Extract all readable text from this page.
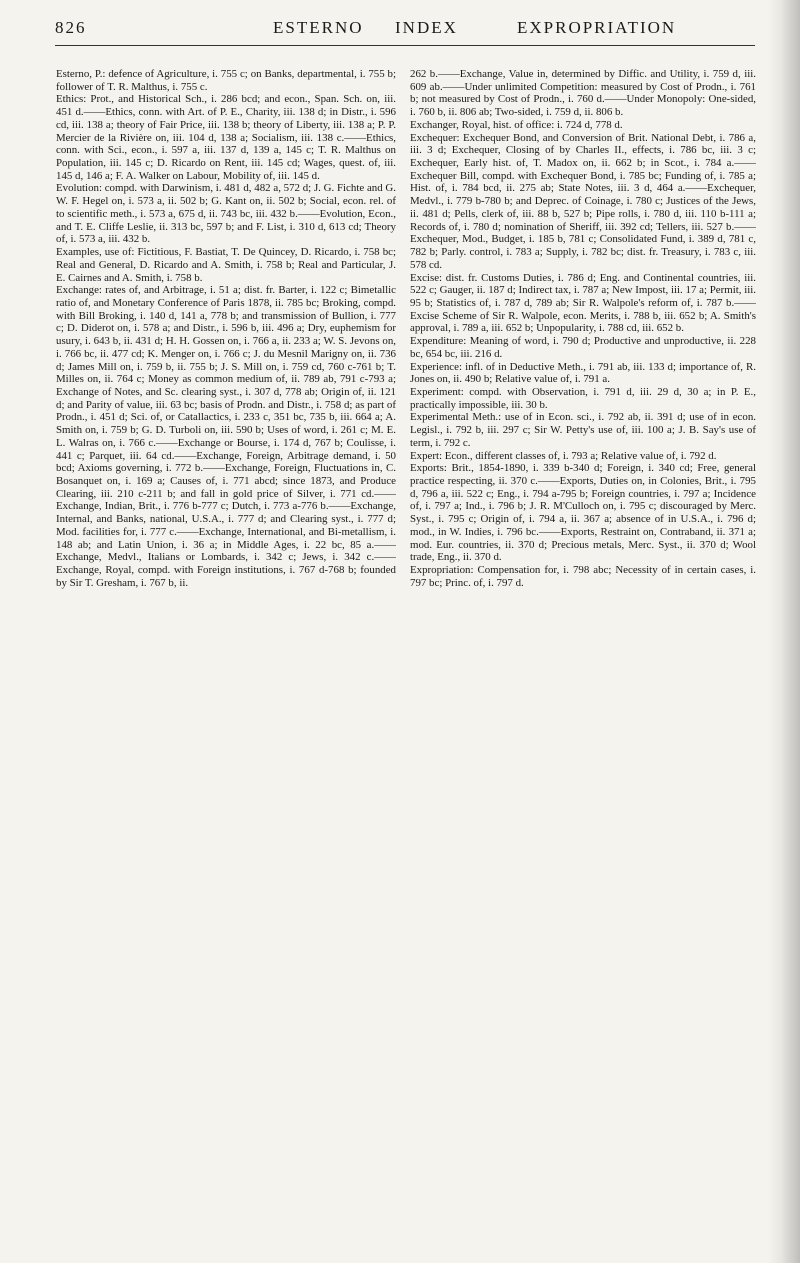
826	ESTERNO INDEX	EXPROPRIATION

Esterno, P.: defence of Agriculture, i. 755 c; on Banks, departmental, i. 755 b; follower of T. R. Malthus, i. 755 c.

Ethics: Prot., and Historical Sch., i. 286 bcd; and econ., Span. Sch. on, iii. 451 d.——Ethics, conn. with Art. of P. E., Charity, iii. 138 d; in Distr., i. 596 cd, iii. 138 a; theory of Fair Price, iii. 138 b; theory of Liberty, iii. 138 a; P. P. Mercier de la Rivière on, iii. 104 d, 138 a; Socialism, iii. 138 c.——Ethics, conn. with Sci., econ., i. 597 a, iii. 137 d, 139 a, 145 c; T. R. Malthus on Population, iii. 145 c; D. Ricardo on Rent, iii. 145 cd; Wages, quest. of, iii. 145 d, 146 a; F. A. Walker on Labour, Mobility of, iii. 145 d.

Evolution: compd. with Darwinism, i. 481 d, 482 a, 572 d; J. G. Fichte and G. W. F. Hegel on, i. 573 a, ii. 502 b; G. Kant on, ii. 502 b; Social, econ. rel. of to scientific meth., i. 573 a, 675 d, ii. 743 bc, iii. 432 b.——Evolution, Econ., and T. E. Cliffe Leslie, ii. 313 bc, 597 b; and F. List, i. 310 d, 613 cd; Theory of, i. 573 a, iii. 432 b.

Examples, use of: Fictitious, F. Bastiat, T. De Quincey, D. Ricardo, i. 758 bc; Real and General, D. Ricardo and A. Smith, i. 758 b; Real and Particular, J. E. Cairnes and A. Smith, i. 758 b.

Exchange: rates of, and Arbitrage, i. 51 a; dist. fr. Barter, i. 122 c; Bimetallic ratio of, and Monetary Conference of Paris 1878, ii. 785 bc; Broking, compd. with Bill Broking, i. 140 d, 141 a, 778 b; and transmission of Bullion, i. 777 c; D. Diderot on, i. 578 a; and Distr., i. 596 b, iii. 496 a; Dry, euphemism for usury, i. 643 b, ii. 431 d; H. H. Gossen on, i. 766 a, ii. 233 a; W. S. Jevons on, i. 766 bc, ii. 477 cd; K. Menger on, i. 766 c; J. du Mesnil Marigny on, ii. 736 d; James Mill on, i. 759 b, ii. 755 b; J. S. Mill on, i. 759 cd, 760 c-761 b; T. Milles on, ii. 764 c; Money as common medium of, ii. 789 ab, 791 c-793 a; Exchange of Notes, and Sc. clearing syst., i. 307 d, 778 ab; Origin of, ii. 121 d; and Parity of value, iii. 63 bc; basis of Prodn. and Distr., i. 758 d; as part of Prodn., i. 451 d; Sci. of, or Catallactics, i. 233 c, 351 bc, 735 b, iii. 664 a; A. Smith on, i. 759 b; G. D. Turboli on, iii. 590 b; Uses of word, i. 261 c; M. E. L. Walras on, i. 766 c.——Exchange or Bourse, i. 174 d, 767 b; Coulisse, i. 441 c; Parquet, iii. 64 cd.——Exchange, Foreign, Arbitrage demand, i. 50 bcd; Axioms governing, i. 772 b.——Exchange, Foreign, Fluctuations in, C. Bosanquet on, i. 169 a; Causes of, i. 771 abcd; since 1873, and Produce Clearing, iii. 210 c-211 b; and fall in gold price of Silver, i. 771 cd.——Exchange, Indian, Brit., i. 776 b-777 c; Dutch, i. 773 a-776 b.——Exchange, Internal, and Banks, national, U.S.A., i. 777 d; and Clearing syst., i. 777 d; Mod. facilities for, i. 777 c.——Exchange, International, and Bi-metallism, i. 148 ab; and Latin Union, i. 36 a; in Middle Ages, i. 22 bc, 85 a.——Exchange, Medvl., Italians or Lombards, i. 342 c; Jews, i. 342 c.——Exchange, Royal, compd. with Foreign institutions, i. 767 d-768 b; founded by Sir T. Gresham, i. 767 b, ii.

262 b.——Exchange, Value in, determined by Diffic. and Utility, i. 759 d, iii. 609 ab.——Under unlimited Competition: measured by Cost of Prodn., i. 761 b; not measured by Cost of Prodn., i. 760 d.——Under Monopoly: One-sided, i. 760 b, ii. 806 ab; Two-sided, i. 759 d, ii. 806 b.

Exchanger, Royal, hist. of office: i. 724 d, 778 d.

Exchequer: Exchequer Bond, and Conversion of Brit. National Debt, i. 786 a, iii. 3 d; Exchequer, Closing of by Charles II., effects, i. 786 bc, iii. 3 c; Exchequer, Early hist. of, T. Madox on, ii. 662 b; in Scot., i. 784 a.——Exchequer Bill, compd. with Exchequer Bond, i. 785 bc; Funding of, i. 785 a; Hist. of, i. 784 bcd, ii. 275 ab; State Notes, iii. 3 d, 464 a.——Exchequer, Medvl., i. 779 b-780 b; and Deprec. of Coinage, i. 780 c; Justices of the Jews, ii. 481 d; Pells, clerk of, iii. 88 b, 527 b; Pipe rolls, i. 780 d, iii. 110 b-111 a; Records of, i. 780 d; nomination of Sheriff, iii. 392 cd; Tellers, iii. 527 b.——Exchequer, Mod., Budget, i. 185 b, 781 c; Consolidated Fund, i. 389 d, 781 c, 782 b; Parly. control, i. 783 a; Supply, i. 782 bc; dist. fr. Treasury, i. 783 c, iii. 578 cd.

Excise: dist. fr. Customs Duties, i. 786 d; Eng. and Continental countries, iii. 522 c; Gauger, ii. 187 d; Indirect tax, i. 787 a; New Impost, iii. 17 a; Permit, iii. 95 b; Statistics of, i. 787 d, 789 ab; Sir R. Walpole's reform of, i. 787 b.——Excise Scheme of Sir R. Walpole, econ. Merits, i. 788 b, iii. 652 b; A. Smith's approval, i. 789 a, iii. 652 b; Unpopularity, i. 788 cd, iii. 652 b.

Expenditure: Meaning of word, i. 790 d; Productive and unproductive, ii. 228 bc, 654 bc, iii. 216 d.

Experience: infl. of in Deductive Meth., i. 791 ab, iii. 133 d; importance of, R. Jones on, ii. 490 b; Relative value of, i. 791 a.

Experiment: compd. with Observation, i. 791 d, iii. 29 d, 30 a; in P. E., practically impossible, iii. 30 b.

Experimental Meth.: use of in Econ. sci., i. 792 ab, ii. 391 d; use of in econ. Legisl., i. 792 b, iii. 297 c; Sir W. Petty's use of, iii. 100 a; J. B. Say's use of term, i. 792 c.

Expert: Econ., different classes of, i. 793 a; Relative value of, i. 792 d.

Exports: Brit., 1854-1890, i. 339 b-340 d; Foreign, i. 340 cd; Free, general practice respecting, ii. 370 c.——Exports, Duties on, in Colonies, Brit., i. 795 d, 796 a, iii. 522 c; Eng., i. 794 a-795 b; Foreign countries, i. 797 a; Incidence of, i. 797 a; Ind., i. 796 b; J. R. M'Culloch on, i. 795 c; discouraged by Merc. Syst., i. 795 c; Origin of, i. 794 a, ii. 367 a; absence of in U.S.A., i. 796 d; mod., in W. Indies, i. 796 bc.——Exports, Restraint on, Contraband, ii. 371 a; mod. Eur. countries, ii. 370 d; Precious metals, Merc. Syst., ii. 370 d; Wool trade, Eng., ii. 370 d.

Expropriation: Compensation for, i. 798 abc; Necessity of in certain cases, i. 797 bc; Princ. of, i. 797 d.
